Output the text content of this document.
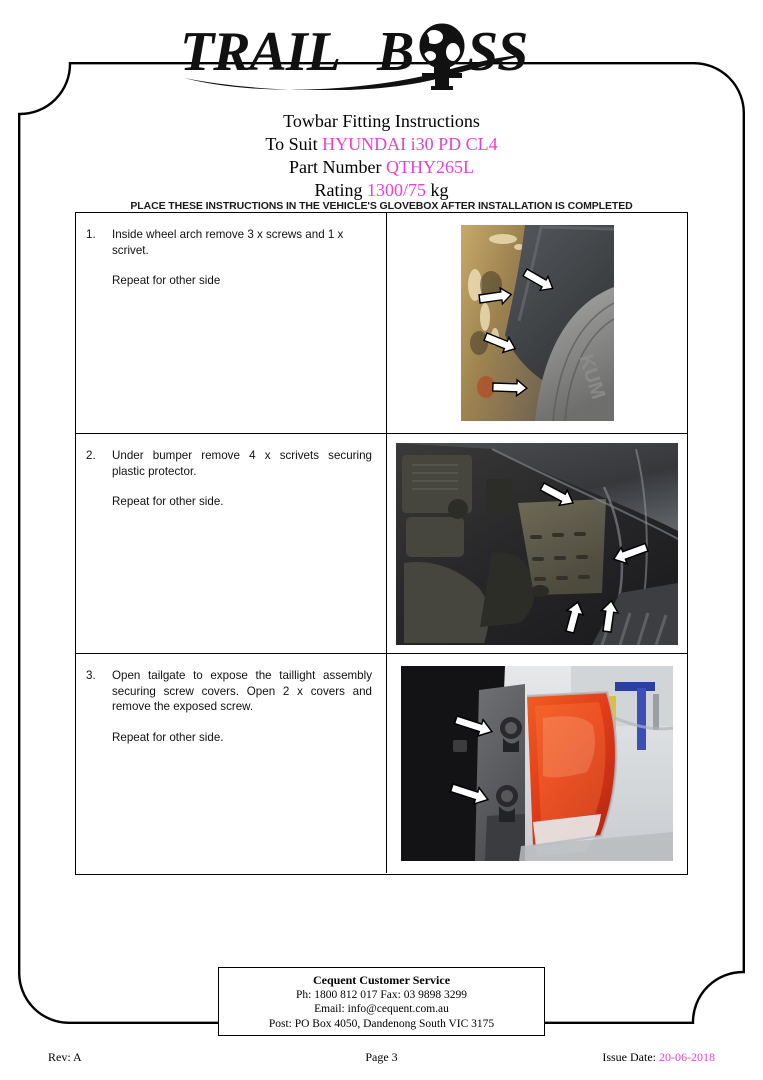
TRAIL B SS
Towbar Fitting Instructions
To Suit HYUNDAI i30 PD CL4
Part Number QTHY265L
Rating 1300/75 kg
PLACE THESE INSTRUCTIONS IN THE VEHICLE'S GLOVEBOX AFTER INSTALLATION IS COMPLETED
1.	Inside wheel arch remove 3 x screws and 1 x scrivet.
Repeat for other side
KUM
2.	Under bumper remove 4 x scrivets securing plastic protector.
Repeat for other side.
3.	Open tailgate to expose the taillight assembly securing screw covers. Open 2 x covers and remove the exposed screw.
Repeat for other side.
Cequent Customer Service
Ph: 1800 812 017 Fax: 03 9898 3299
Email: info@cequent.com.au
Post: PO Box 4050, Dandenong South VIC 3175
Rev: A	Page 3	Issue Date: 20-06-2018
